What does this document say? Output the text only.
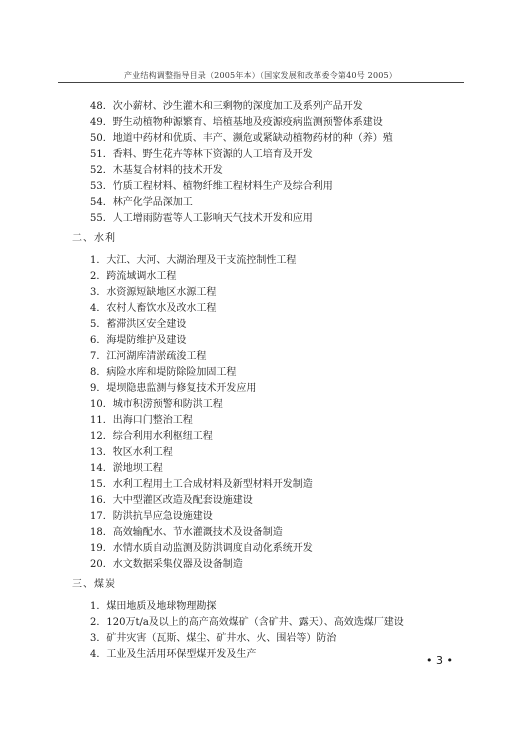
产业结构调整指导目录（2005年本）（国家发展和改革委令第40号 2005）
48．次小薪材、沙生灌木和三剩物的深度加工及系列产品开发
49．野生动植物种源繁育、培植基地及疫源疫病监测预警体系建设
50．地道中药材和优质、丰产、濒危或紧缺动植物药材的种（养）殖
51．香料、野生花卉等林下资源的人工培育及开发
52．木基复合材料的技术开发
53．竹质工程材料、植物纤维工程材料生产及综合利用
54．林产化学品深加工
55．人工增雨防雹等人工影响天气技术开发和应用
二、水利
1．大江、大河、大湖治理及干支流控制性工程
2．跨流域调水工程
3．水资源短缺地区水源工程
4．农村人畜饮水及改水工程
5．蓄滞洪区安全建设
6．海堤防维护及建设
7．江河湖库清淤疏浚工程
8．病险水库和堤防除险加固工程
9．堤坝隐患监测与修复技术开发应用
10．城市积涝预警和防洪工程
11．出海口门整治工程
12．综合利用水利枢纽工程
13．牧区水利工程
14．淤地坝工程
15．水利工程用土工合成材料及新型材料开发制造
16．大中型灌区改造及配套设施建设
17．防洪抗旱应急设施建设
18．高效输配水、节水灌溉技术及设备制造
19．水情水质自动监测及防洪调度自动化系统开发
20．水文数据采集仪器及设备制造
三、煤炭
1．煤田地质及地球物理勘探
2．120万t/a及以上的高产高效煤矿（含矿井、露天）、高效选煤厂建设
3．矿井灾害（瓦斯、煤尘、矿井水、火、围岩等）防治
4．工业及生活用环保型煤开发及生产	• 3 •
